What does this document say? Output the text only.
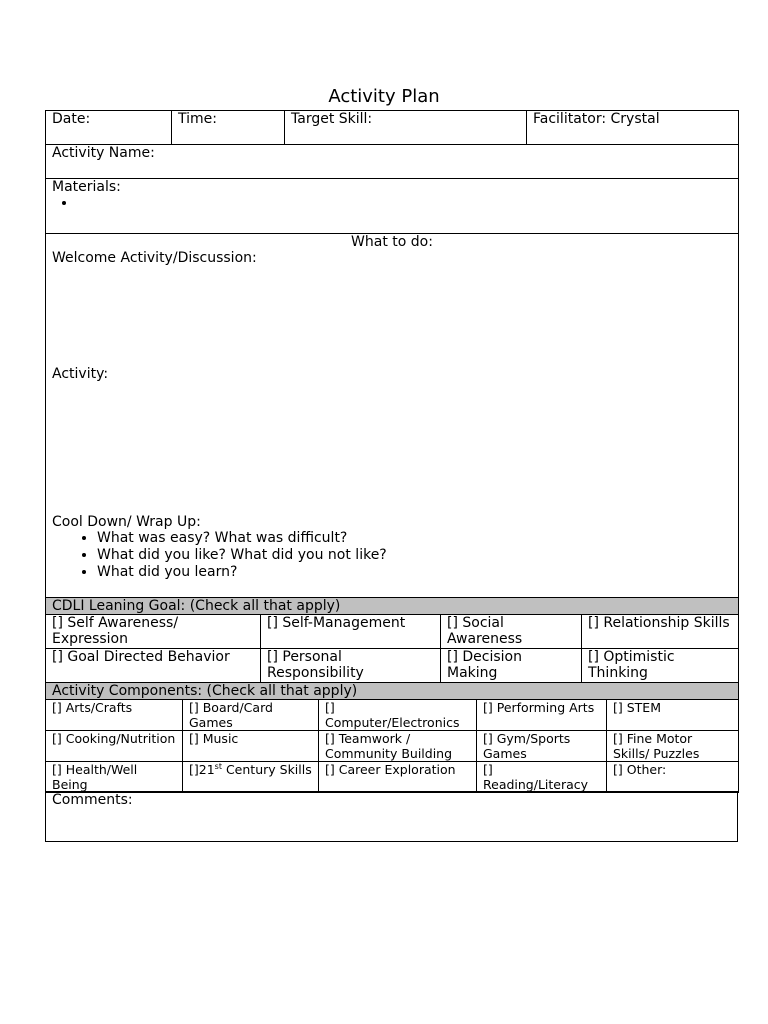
Activity Plan
Date:	Time:	Target Skill:	Facilitator: Crystal

Activity Name:

Materials:
•

What to do:
Welcome Activity/Discussion:
Activity:
Cool Down/ Wrap Up:
• What was easy? What was difficult?
• What did you like? What did you not like?
• What did you learn?
CDLI Leaning Goal: (Check all that apply)			
[] Self Awareness/ Expression	[] Self-Management	[] Social Awareness	[] Relationship Skills
[] Goal Directed Behavior	[] Personal Responsibility	[] Decision Making	[] Optimistic Thinking
Activity Components: (Check all that apply)			
[] Arts/Crafts	[] Board/Card Games	[] Computer/Electronics	[] Performing Arts	[] STEM
[] Cooking/Nutrition	[] Music	[] Teamwork / Community Building	[] Gym/Sports Games	[] Fine Motor Skills/ Puzzles
[] Health/Well Being	[]21st Century Skills	[] Career Exploration	[] Reading/Literacy	[] Other:

Comments:
